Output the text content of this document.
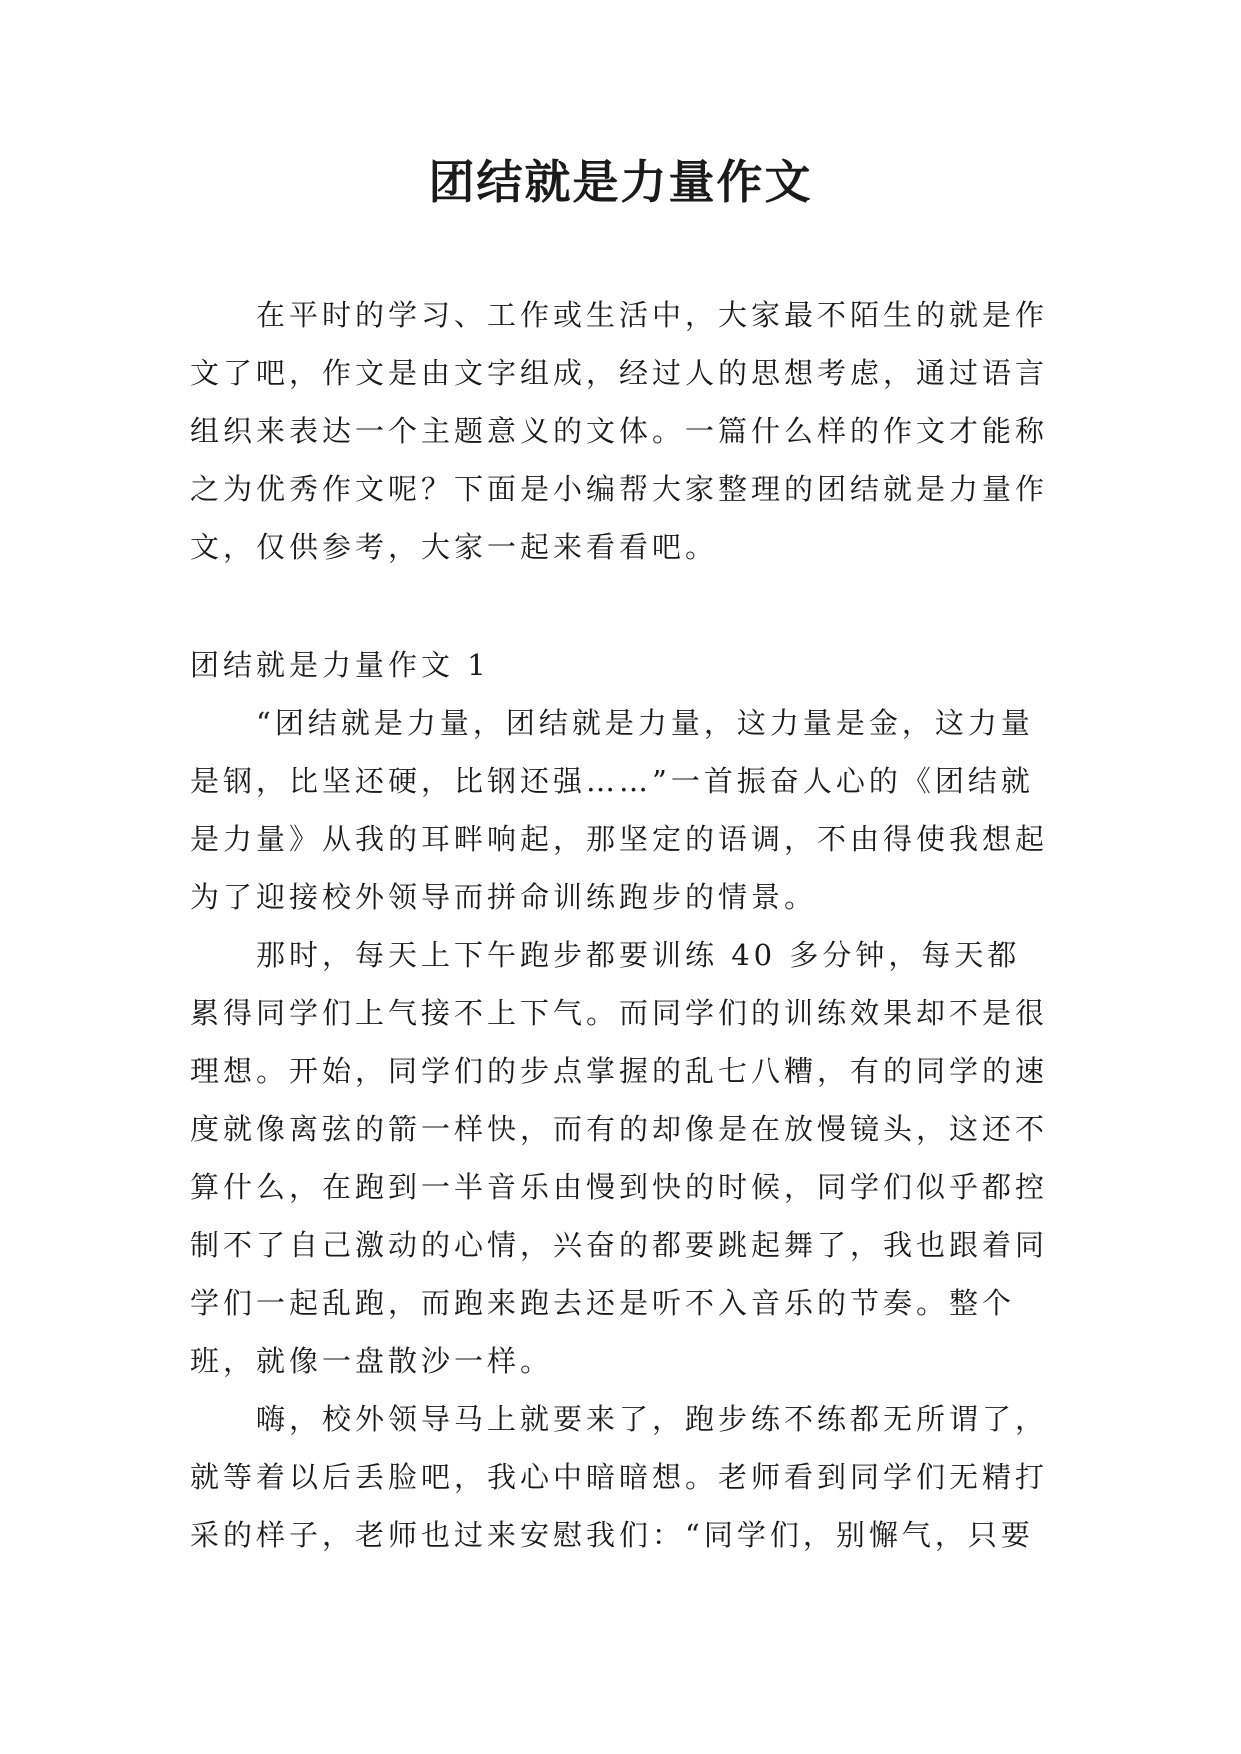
团结就是力量作文

在平时的学习、工作或生活中，大家最不陌生的就是作文了吧，作文是由文字组成，经过人的思想考虑，通过语言组织来表达一个主题意义的文体。一篇什么样的作文才能称之为优秀作文呢？下面是小编帮大家整理的团结就是力量作文，仅供参考，大家一起来看看吧。

团结就是力量作文 1

“团结就是力量，团结就是力量，这力量是金，这力量是钢，比坚还硬，比钢还强……”一首振奋人心的《团结就是力量》从我的耳畔响起，那坚定的语调，不由得使我想起为了迎接校外领导而拼命训练跑步的情景。

那时，每天上下午跑步都要训练 40 多分钟，每天都累得同学们上气接不上下气。而同学们的训练效果却不是很理想。开始，同学们的步点掌握的乱七八糟，有的同学的速度就像离弦的箭一样快，而有的却像是在放慢镜头，这还不算什么，在跑到一半音乐由慢到快的时候，同学们似乎都控制不了自己激动的心情，兴奋的都要跳起舞了，我也跟着同学们一起乱跑，而跑来跑去还是听不入音乐的节奏。整个班，就像一盘散沙一样。

嗨，校外领导马上就要来了，跑步练不练都无所谓了，就等着以后丢脸吧，我心中暗暗想。老师看到同学们无精打采的样子，老师也过来安慰我们：“同学们，别懈气，只要
